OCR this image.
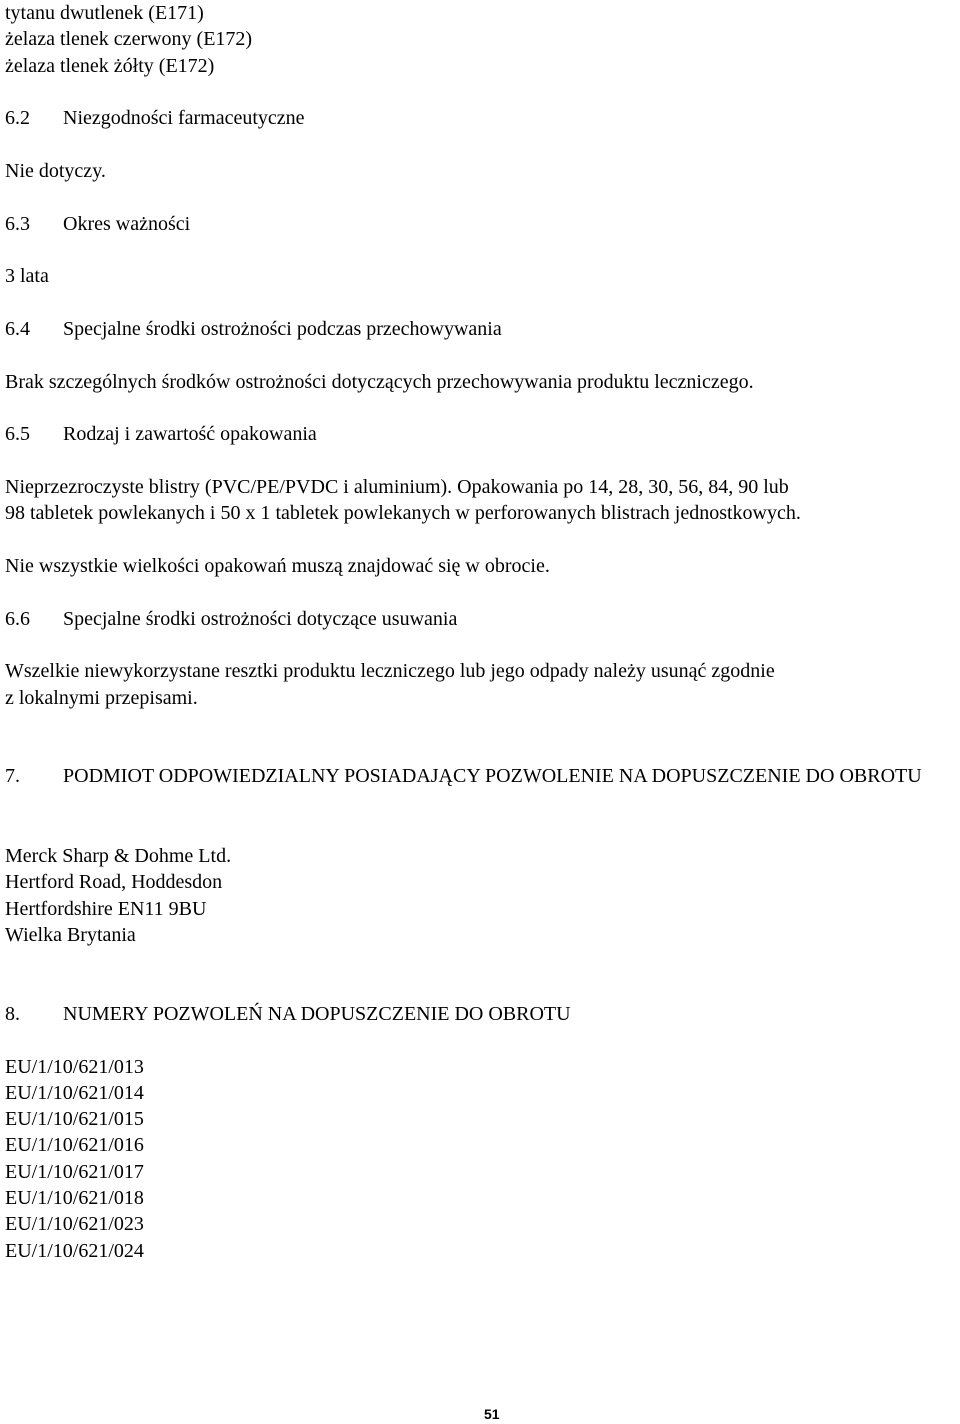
tytanu dwutlenek (E171)
żelaza tlenek czerwony (E172)
żelaza tlenek żółty (E172)
6.2 Niezgodności farmaceutyczne
Nie dotyczy.
6.3 Okres ważności
3 lata
6.4 Specjalne środki ostrożności podczas przechowywania
Brak szczególnych środków ostrożności dotyczących przechowywania produktu leczniczego.
6.5 Rodzaj i zawartość opakowania
Nieprzezroczyste blistry (PVC/PE/PVDC i aluminium). Opakowania po 14, 28, 30, 56, 84, 90 lub
98 tabletek powlekanych i 50 x 1 tabletek powlekanych w perforowanych blistrach jednostkowych.
Nie wszystkie wielkości opakowań muszą znajdować się w obrocie.
6.6 Specjalne środki ostrożności dotyczące usuwania
Wszelkie niewykorzystane resztki produktu leczniczego lub jego odpady należy usunąć zgodnie
z lokalnymi przepisami.
7. PODMIOT ODPOWIEDZIALNY POSIADAJĄCY POZWOLENIE NA DOPUSZCZENIE DO OBROTU
Merck Sharp & Dohme Ltd.
Hertford Road, Hoddesdon
Hertfordshire EN11 9BU
Wielka Brytania
8. NUMERY POZWOLEŃ NA DOPUSZCZENIE DO OBROTU
EU/1/10/621/013
EU/1/10/621/014
EU/1/10/621/015
EU/1/10/621/016
EU/1/10/621/017
EU/1/10/621/018
EU/1/10/621/023
EU/1/10/621/024
51
